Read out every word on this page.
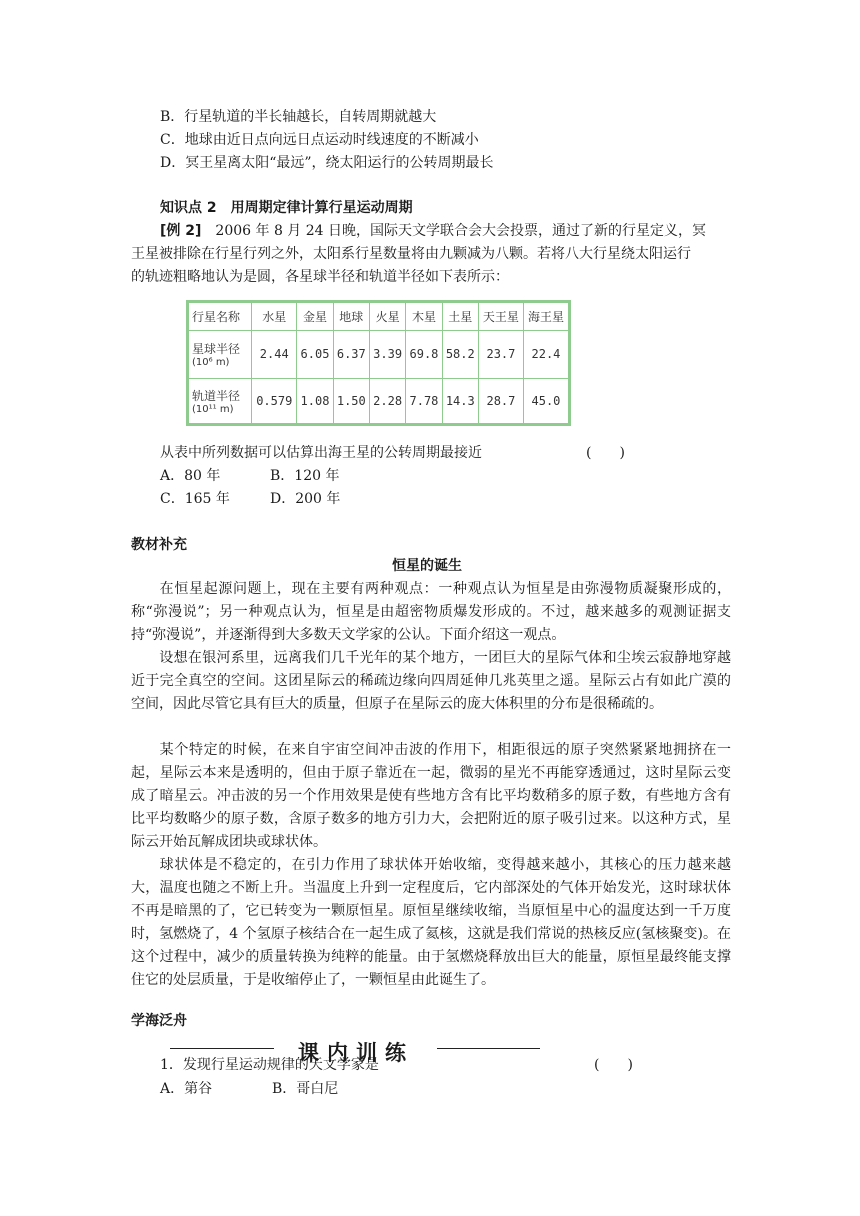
B．行星轨道的半长轴越长，自转周期就越大
C．地球由近日点向远日点运动时线速度的不断减小
D．冥王星离太阳“最远”，绕太阳运行的公转周期最长
知识点 2　用周期定律计算行星运动周期
[例 2]　2006 年 8 月 24 日晚，国际天文学联合会大会投票，通过了新的行星定义，冥
王星被排除在行星行列之外，太阳系行星数量将由九颗减为八颗。若将八大行星绕太阳运行
的轨迹粗略地认为是圆，各星球半径和轨道半径如下表所示：
行星名称	水星	金星	地球	火星	木星	土星	天王星	海王星
星球半径
(10⁶ m)	2.44	6.05	6.37	3.39	69.8	58.2	23.7	22.4
轨道半径
(10¹¹ m)	0.579	1.08	1.50	2.28	7.78	14.3	28.7	45.0
从表中所列数据可以估算出海王星的公转周期最接近	(　　)
A．80 年	B．120 年
C．165 年	D．200 年
教材补充
恒星的诞生
在恒星起源问题上，现在主要有两种观点：一种观点认为恒星是由弥漫物质凝聚形成的，称“弥漫说”；另一种观点认为，恒星是由超密物质爆发形成的。不过，越来越多的观测证据支持“弥漫说”，并逐渐得到大多数天文学家的公认。下面介绍这一观点。
设想在银河系里，远离我们几千光年的某个地方，一团巨大的星际气体和尘埃云寂静地穿越近于完全真空的空间。这团星际云的稀疏边缘向四周延伸几兆英里之遥。星际云占有如此广漠的空间，因此尽管它具有巨大的质量，但原子在星际云的庞大体积里的分布是很稀疏的。
某个特定的时候，在来自宇宙空间冲击波的作用下，相距很远的原子突然紧紧地拥挤在一起，星际云本来是透明的，但由于原子靠近在一起，微弱的星光不再能穿透通过，这时星际云变成了暗星云。冲击波的另一个作用效果是使有些地方含有比平均数稍多的原子数，有些地方含有比平均数略少的原子数，含原子数多的地方引力大，会把附近的原子吸引过来。以这种方式，星际云开始瓦解成团块或球状体。
球状体是不稳定的，在引力作用了球状体开始收缩，变得越来越小，其核心的压力越来越大，温度也随之不断上升。当温度上升到一定程度后，它内部深处的气体开始发光，这时球状体不再是暗黑的了，它已转变为一颗原恒星。原恒星继续收缩，当原恒星中心的温度达到一千万度时，氢燃烧了，4 个氢原子核结合在一起生成了氦核，这就是我们常说的热核反应(氢核聚变)。在这个过程中，减少的质量转换为纯粹的能量。由于氢燃烧释放出巨大的能量，原恒星最终能支撑住它的处层质量，于是收缩停止了，一颗恒星由此诞生了。
学海泛舟
课内训练
1．发现行星运动规律的天文学家是	(　　)
A．第谷	B．哥白尼
